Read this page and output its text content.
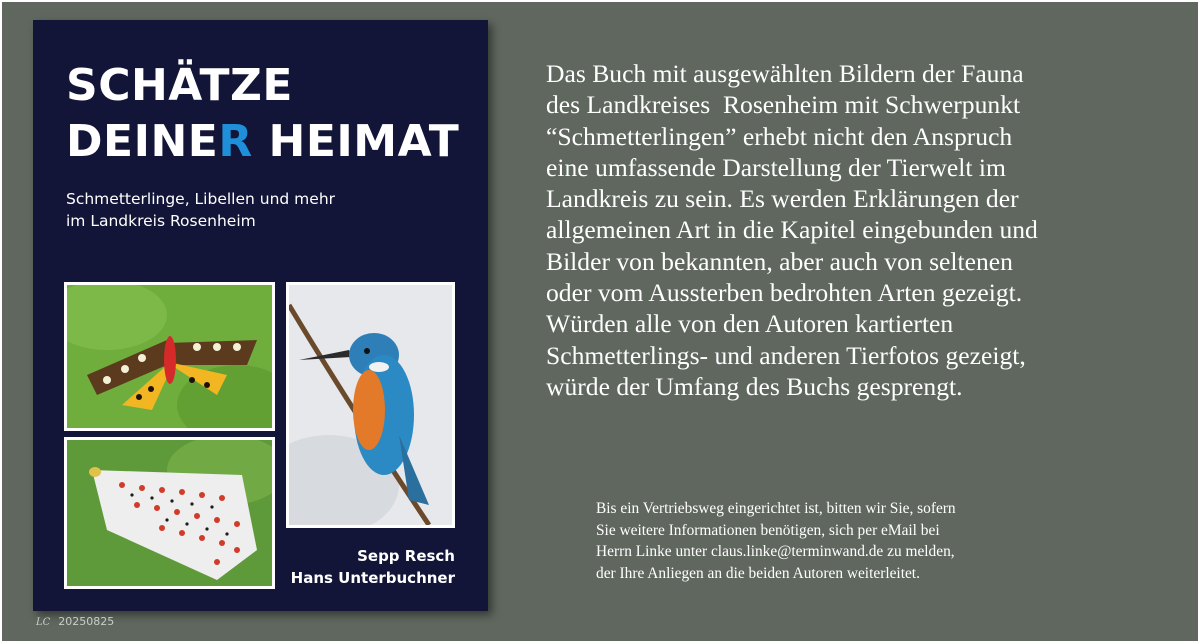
SCHÄTZE
DEINER HEIMAT
Schmetterlinge, Libellen und mehr
im Landkreis Rosenheim
Sepp Resch
Hans Unterbuchner
Das Buch mit ausgewählten Bildern der Fauna
des Landkreises  Rosenheim mit Schwerpunkt
“Schmetterlingen” erhebt nicht den Anspruch
eine umfassende Darstellung der Tierwelt im
Landkreis zu sein. Es werden Erklärungen der
allgemeinen Art in die Kapitel eingebunden und
Bilder von bekannten, aber auch von seltenen
oder vom Aussterben bedrohten Arten gezeigt.
Würden alle von den Autoren kartierten
Schmetterlings- und anderen Tierfotos gezeigt,
würde der Umfang des Buchs gesprengt.
Bis ein Vertriebsweg eingerichtet ist, bitten wir Sie, sofern
Sie weitere Informationen benötigen, sich per eMail bei
Herrn Linke unter claus.linke@terminwand.de zu melden,
der Ihre Anliegen an die beiden Autoren weiterleitet.
LC 20250825
